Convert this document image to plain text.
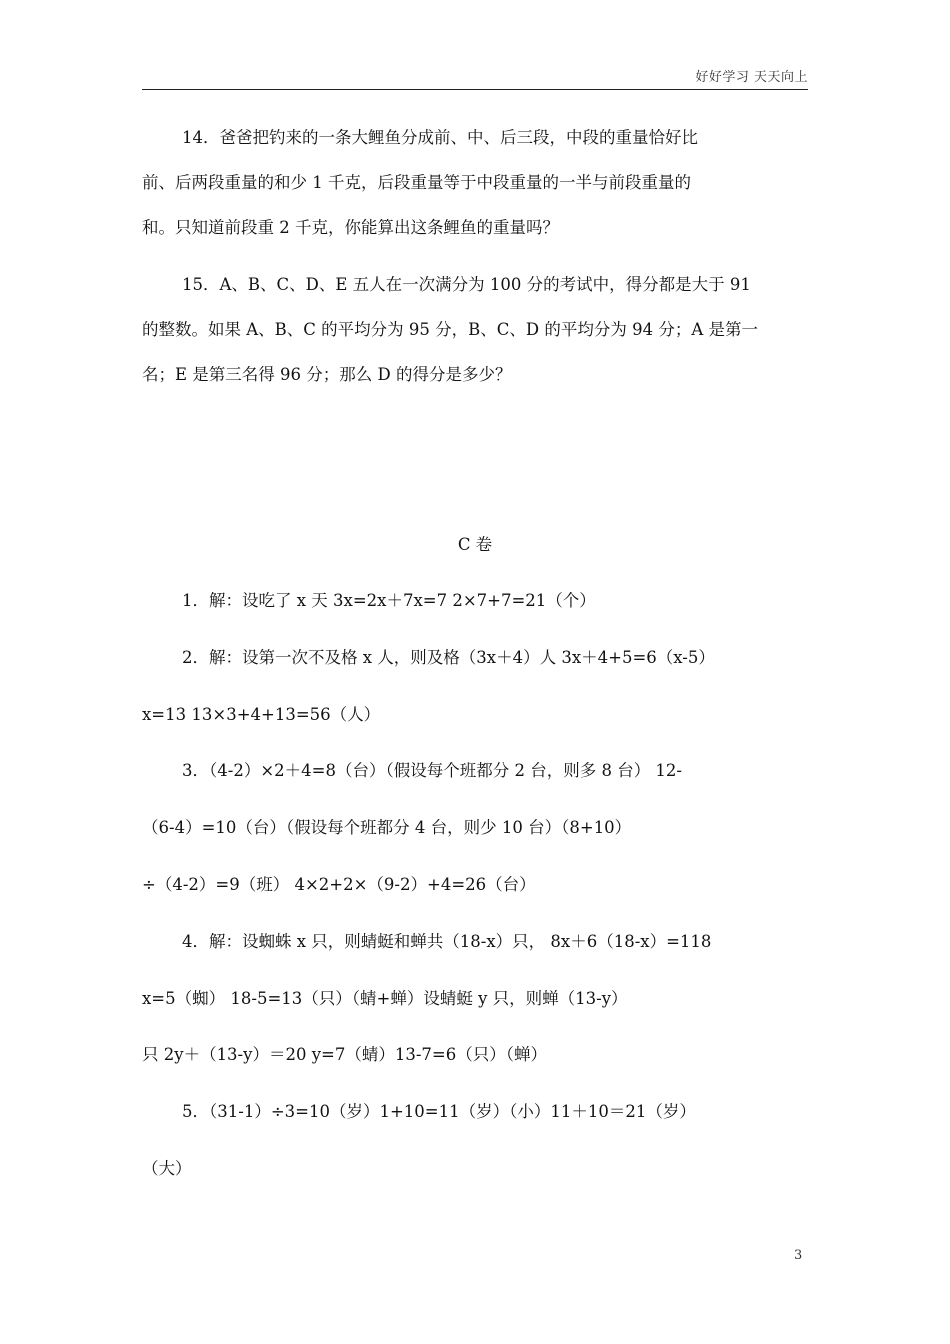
好好学习 天天向上
14．爸爸把钓来的一条大鲤鱼分成前、中、后三段，中段的重量恰好比
前、后两段重量的和少 1 千克，后段重量等于中段重量的一半与前段重量的
和。只知道前段重 2 千克，你能算出这条鲤鱼的重量吗？
15．A、B、C、D、E 五人在一次满分为 100 分的考试中，得分都是大于 91
的整数。如果 A、B、C 的平均分为 95 分，B、C、D 的平均分为 94 分；A 是第一
名；E 是第三名得 96 分；那么 D 的得分是多少？
C 卷
1．解：设吃了 x 天 3x=2x＋7x=7 2×7+7=21（个）
2．解：设第一次不及格 x 人，则及格（3x＋4）人 3x＋4+5=6（x-5）
x=13 13×3+4+13=56（人）
3．（4-2）×2＋4=8（台）（假设每个班都分 2 台，则多 8 台） 12-
（6-4）=10（台）（假设每个班都分 4 台，则少 10 台）（8+10）
÷（4-2）=9（班） 4×2+2×（9-2）+4=26（台）
4．解：设蜘蛛 x 只，则蜻蜓和蝉共（18-x）只， 8x＋6（18-x）=118
x=5（蜘） 18-5=13（只）（蜻+蝉）设蜻蜓 y 只，则蝉（13-y）
只 2y＋（13-y）＝20 y=7（蜻）13-7=6（只）（蝉）
5．（31-1）÷3=10（岁）1+10=11（岁）（小）11＋10＝21（岁）
（大）
3
